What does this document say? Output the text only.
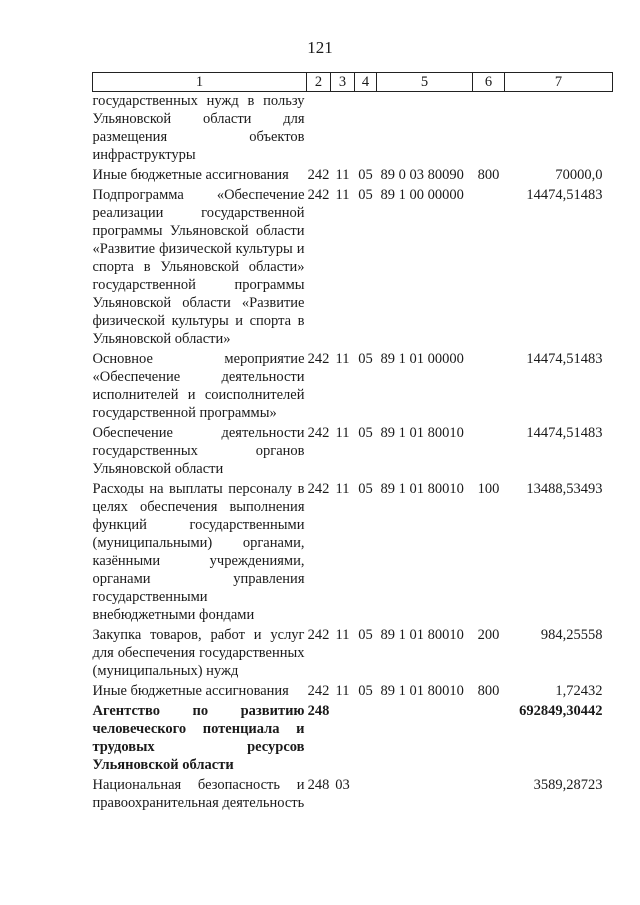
121
1	2	3	4	5	6	7
государственных нужд в пользу Ульяновской области для размещения объектов инфраструктуры						
Иные бюджетные ассигнования	242	11	05	89 0 03 80090	800	70000,0
Подпрограмма «Обеспечение реализации государственной программы Ульяновской области «Развитие физической культуры и спорта в Ульяновской области» государственной программы Ульяновской области «Развитие физической культуры и спорта в Ульяновской области»	242	11	05	89 1 00 00000		14474,51483
Основное мероприятие «Обеспечение деятельности исполнителей и соисполнителей государственной программы»	242	11	05	89 1 01 00000		14474,51483
Обеспечение деятельности государственных органов Ульяновской области	242	11	05	89 1 01 80010		14474,51483
Расходы на выплаты персоналу в целях обеспечения выполнения функций государственными (муниципальными) органами, казёнными учреждениями, органами управления государственными внебюджетными фондами	242	11	05	89 1 01 80010	100	13488,53493
Закупка товаров, работ и услуг для обеспечения государственных (муниципальных) нужд	242	11	05	89 1 01 80010	200	984,25558
Иные бюджетные ассигнования	242	11	05	89 1 01 80010	800	1,72432
Агентство по развитию человеческого потенциала и трудовых ресурсов Ульяновской области	248					692849,30442
Национальная безопасность и правоохранительная деятельность	248	03				3589,28723
